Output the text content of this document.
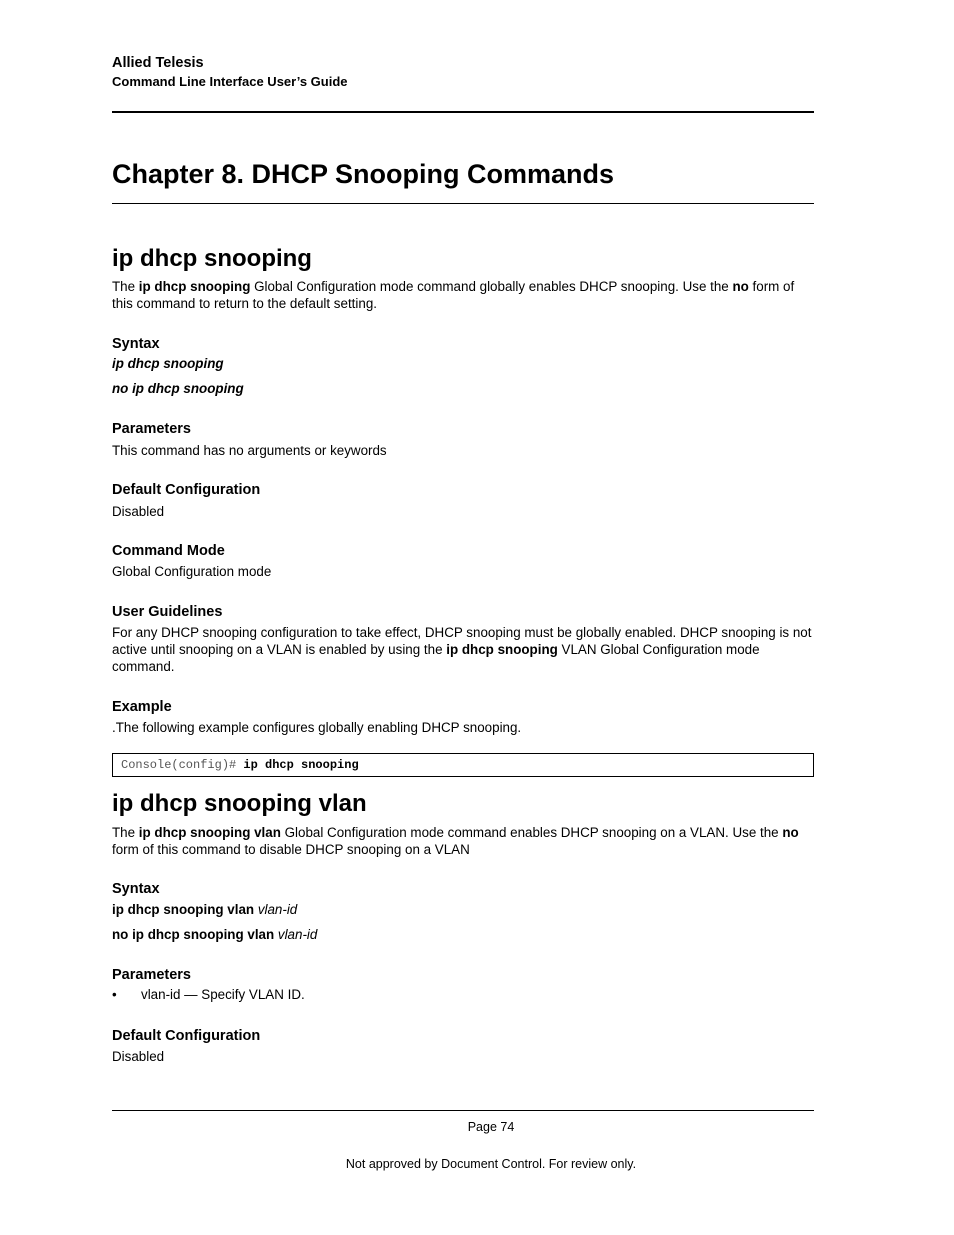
Allied Telesis
Command Line Interface User’s Guide
Chapter 8. DHCP Snooping Commands
ip dhcp snooping
The ip dhcp snooping Global Configuration mode command globally enables DHCP snooping. Use the no form of this command to return to the default setting.
Syntax
ip dhcp snooping
no ip dhcp snooping
Parameters
This command has no arguments or keywords
Default Configuration
Disabled
Command Mode
Global Configuration mode
User Guidelines
For any DHCP snooping configuration to take effect, DHCP snooping must be globally enabled. DHCP snooping is not active until snooping on a VLAN is enabled by using the ip dhcp snooping VLAN Global Configuration mode command.
Example
.The following example configures globally enabling DHCP snooping.
Console(config)# ip dhcp snooping
ip dhcp snooping vlan
The ip dhcp snooping vlan Global Configuration mode command enables DHCP snooping on a VLAN. Use the no form of this command to disable DHCP snooping on a VLAN
Syntax
ip dhcp snooping vlan vlan-id
no ip dhcp snooping vlan vlan-id
Parameters
• vlan-id — Specify VLAN ID.
Default Configuration
Disabled
Page 74
Not approved by Document Control. For review only.
